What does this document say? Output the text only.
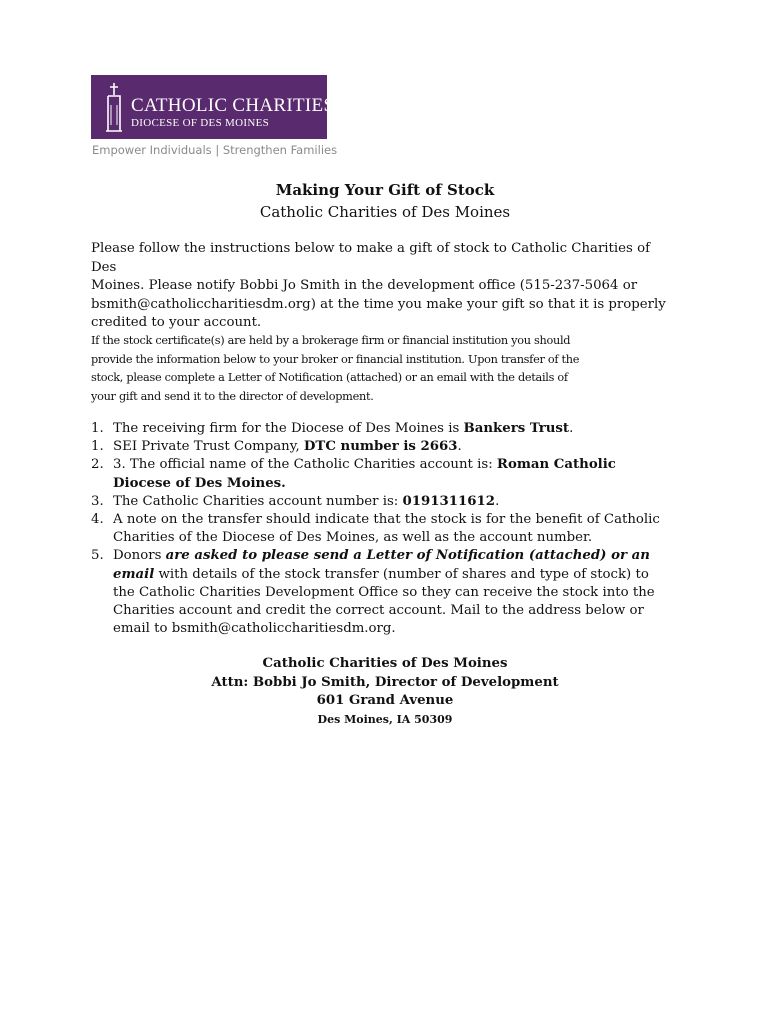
CATHOLIC CHARITIES
DIOCESE OF DES MOINES
Empower Individuals | Strengthen Families
Making Your Gift of Stock
Catholic Charities of Des Moines
Please follow the instructions below to make a gift of stock to Catholic Charities of Des
Moines. Please notify Bobbi Jo Smith in the development office (515-237-5064 or
bsmith@catholiccharitiesdm.org) at the time you make your gift so that it is properly
credited to your account.
If the stock certificate(s) are held by a brokerage firm or financial institution you should
provide the information below to your broker or financial institution. Upon transfer of the
stock, please complete a Letter of Notification (attached) or an email with the details of
your gift and send it to the director of development.
1. The receiving firm for the Diocese of Des Moines is Bankers Trust.
1. SEI Private Trust Company, DTC number is 2663.
2. 3. The official name of the Catholic Charities account is: Roman Catholic Diocese of Des Moines.
3. The Catholic Charities account number is: 0191311612.
4. A note on the transfer should indicate that the stock is for the benefit of Catholic Charities of the Diocese of Des Moines, as well as the account number.
5. Donors are asked to please send a Letter of Notification (attached) or an email with details of the stock transfer (number of shares and type of stock) to the Catholic Charities Development Office so they can receive the stock into the Charities account and credit the correct account. Mail to the address below or email to bsmith@catholiccharitiesdm.org.
Catholic Charities of Des Moines
Attn: Bobbi Jo Smith, Director of Development
601 Grand Avenue
Des Moines, IA 50309
